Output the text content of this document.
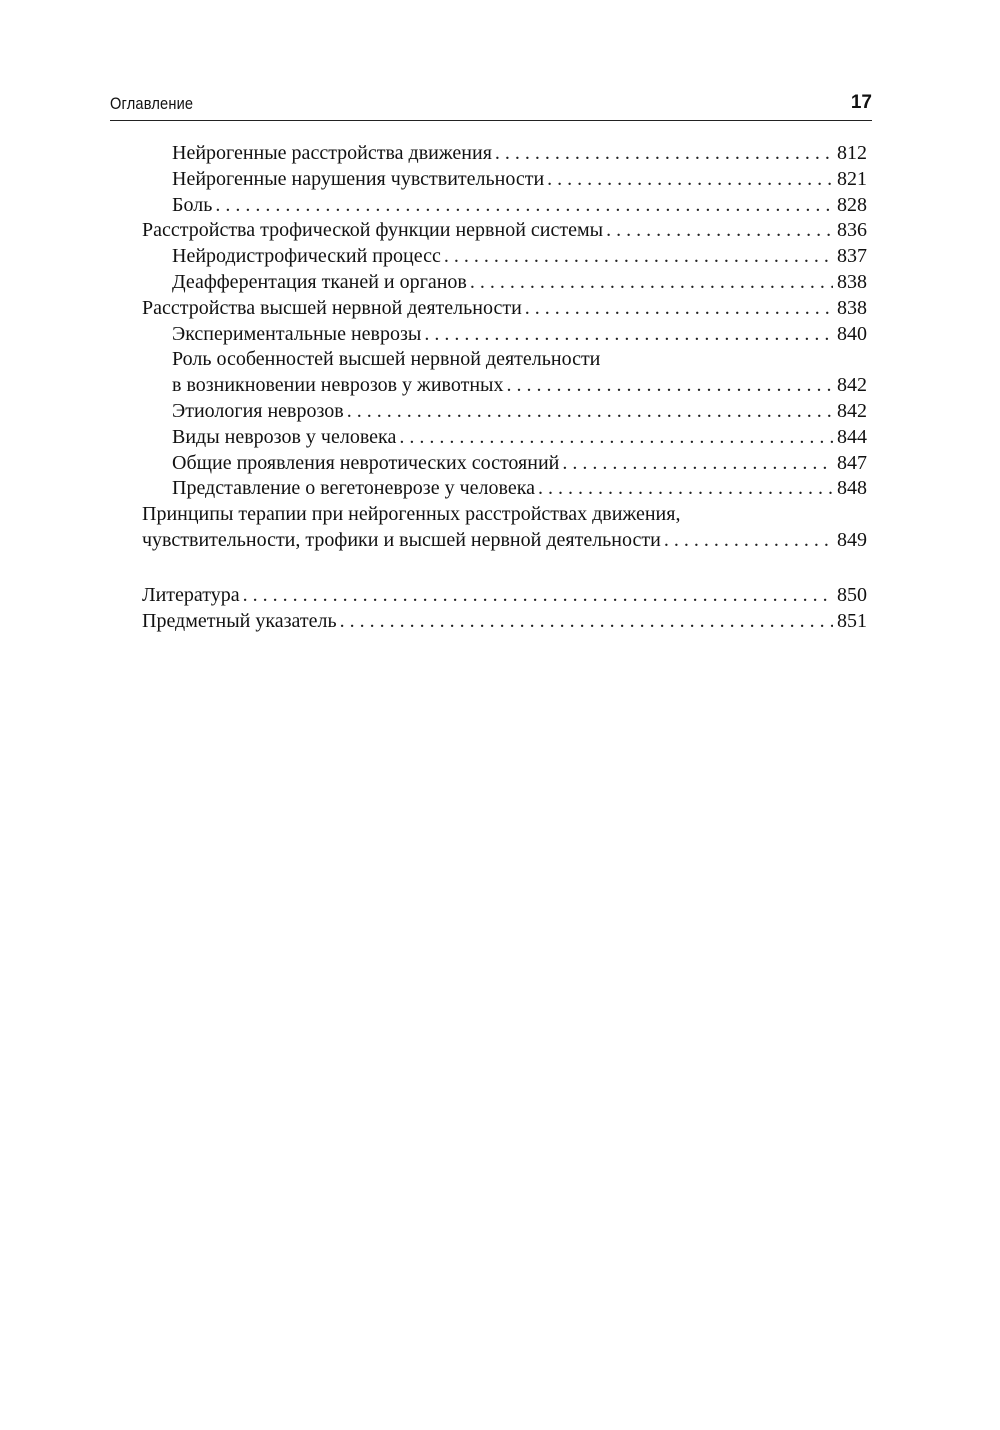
Оглавление	17
Нейрогенные расстройства движения . . .	812
Нейрогенные нарушения чувствительности . . .	821
Боль . . .	828
Расстройства трофической функции нервной системы . . .	836
Нейродистрофический процесс . . .	837
Деафферентация тканей и органов . . .	838
Расстройства высшей нервной деятельности . . .	838
Экспериментальные неврозы . . .	840
Роль особенностей высшей нервной деятельности
в возникновении неврозов у животных . . .	842
Этиология неврозов . . .	842
Виды неврозов у человека . . .	844
Общие проявления невротических состояний . . .	847
Представление о вегетоневрозе у человека . . .	848
Принципы терапии при нейрогенных расстройствах движения,
чувствительности, трофики и высшей нервной деятельности . . .	849
Литература . . .	850
Предметный указатель . . .	851
